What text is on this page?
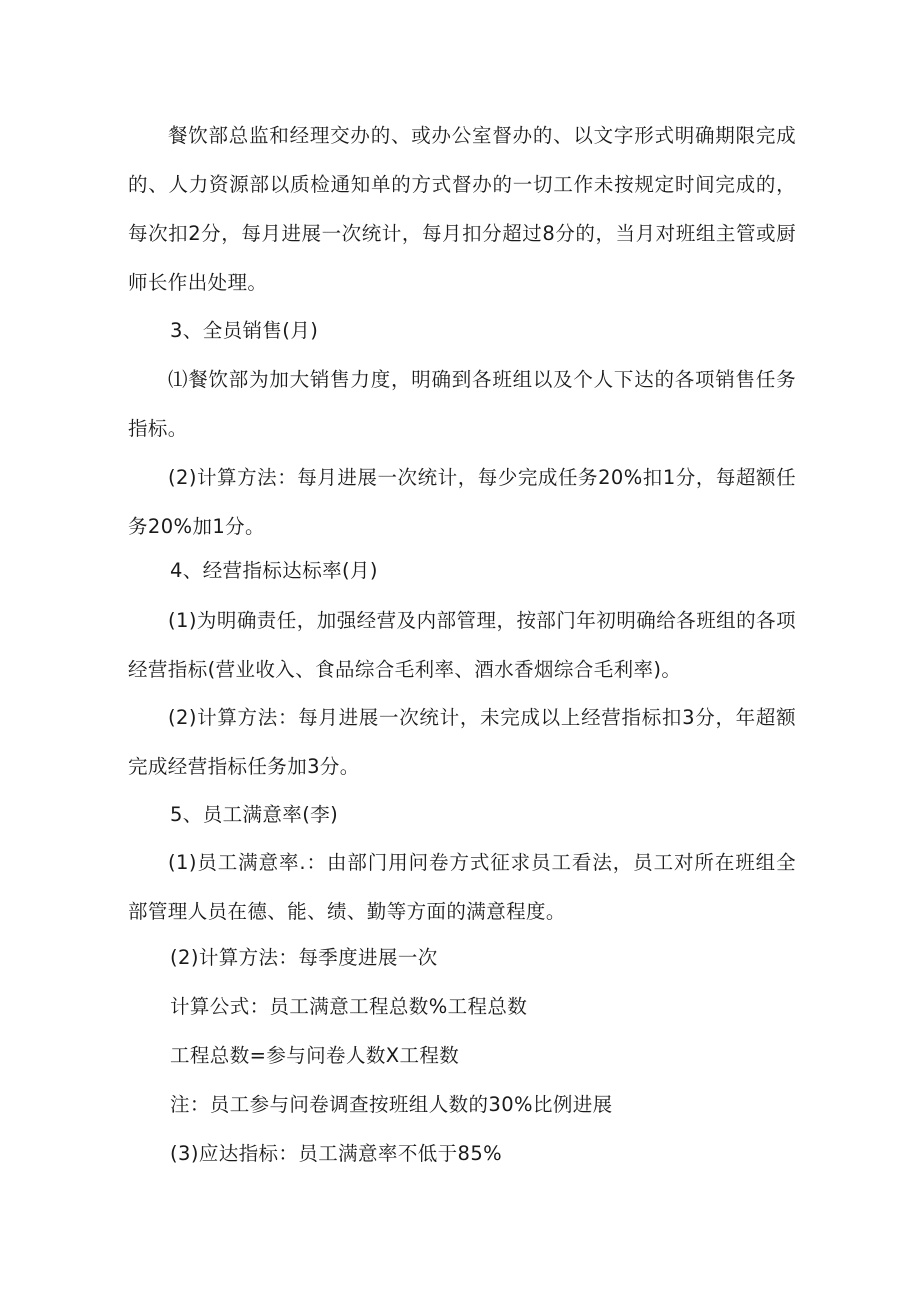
餐饮部总监和经理交办的、或办公室督办的、以文字形式明确期限完成的、人力资源部以质检通知单的方式督办的一切工作未按规定时间完成的，每次扣2分，每月进展一次统计，每月扣分超过8分的，当月对班组主管或厨师长作出处理。

3、全员销售(月)

⑴餐饮部为加大销售力度，明确到各班组以及个人下达的各项销售任务指标。

(2)计算方法：每月进展一次统计，每少完成任务20%扣1分，每超额任务20%加1分。

4、经营指标达标率(月)

(1)为明确责任，加强经营及内部管理，按部门年初明确给各班组的各项经营指标(营业收入、食品综合毛利率、酒水香烟综合毛利率)。

(2)计算方法：每月进展一次统计，未完成以上经营指标扣3分，年超额完成经营指标任务加3分。

5、员工满意率(李)

(1)员工满意率.：由部门用问卷方式征求员工看法，员工对所在班组全部管理人员在德、能、绩、勤等方面的满意程度。

(2)计算方法：每季度进展一次

计算公式：员工满意工程总数%工程总数

工程总数=参与问卷人数X工程数

注：员工参与问卷调查按班组人数的30%比例进展

(3)应达指标：员工满意率不低于85%
